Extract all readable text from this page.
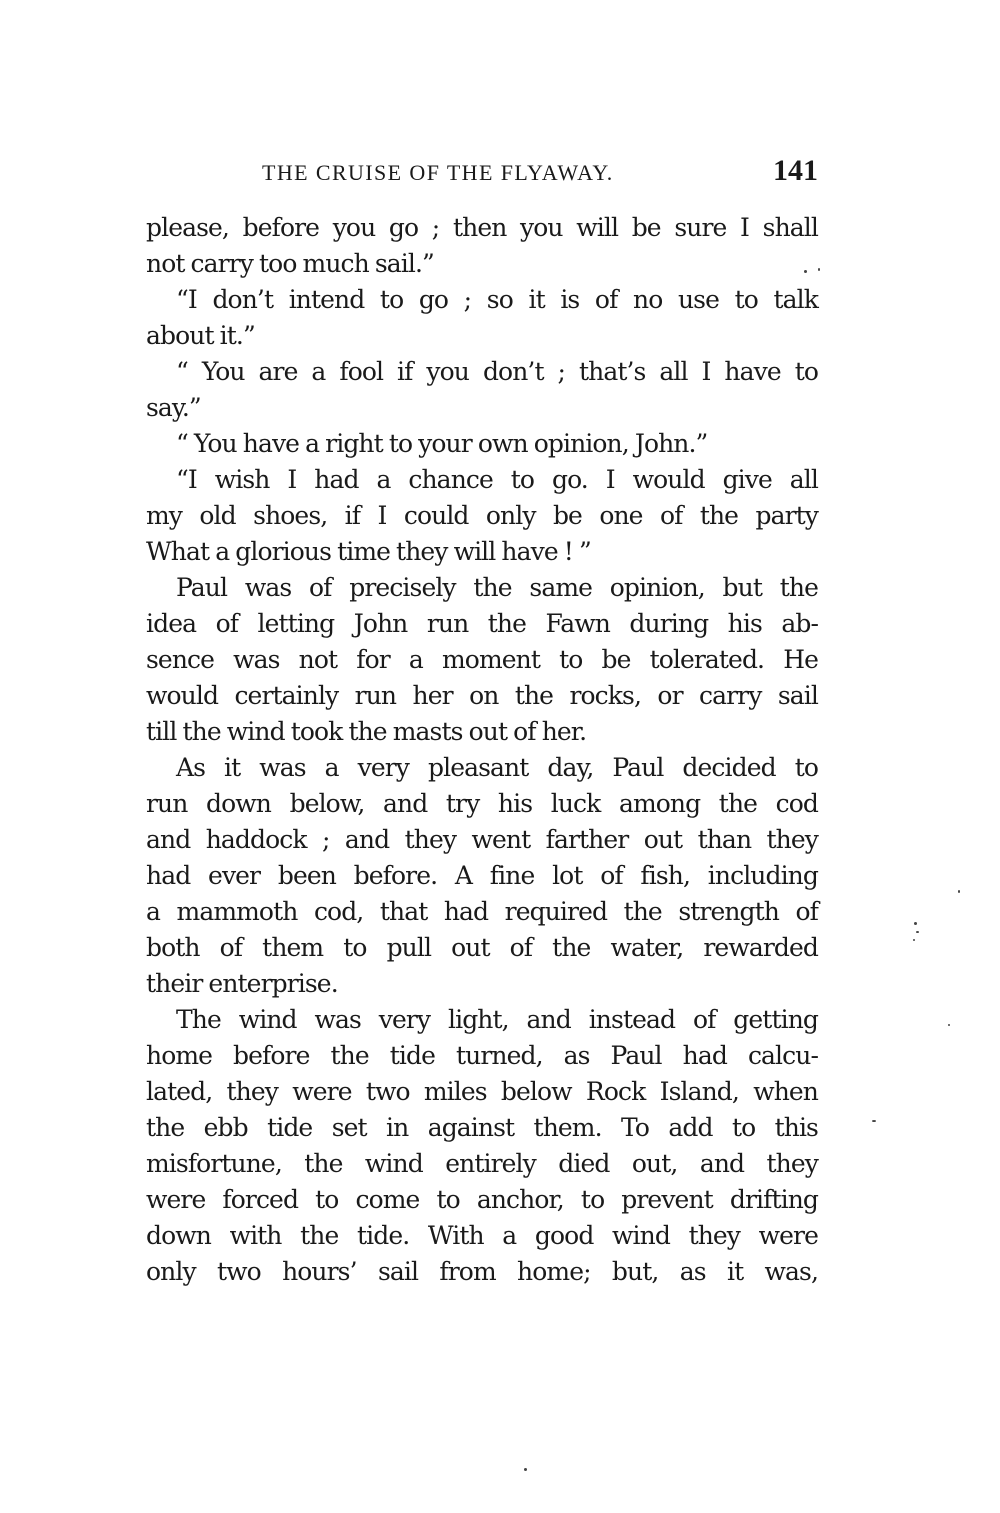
THE CRUISE OF THE FLYAWAY.	141
please, before you go ; then you will be sure I shall
not carry too much sail.”
“I don’t intend to go ; so it is of no use to talk
about it.”
“ You are a fool if you don’t ; that’s all I have to
say.”
“ You have a right to your own opinion, John.”
“I wish I had a chance to go. I would give all
my old shoes, if I could only be one of the party
What a glorious time they will have ! ”
Paul was of precisely the same opinion, but the
idea of letting John run the Fawn during his ab-
sence was not for a moment to be tolerated. He
would certainly run her on the rocks, or carry sail
till the wind took the masts out of her.
As it was a very pleasant day, Paul decided to
run down below, and try his luck among the cod
and haddock ; and they went farther out than they
had ever been before. A fine lot of fish, including
a mammoth cod, that had required the strength of
both of them to pull out of the water, rewarded
their enterprise.
The wind was very light, and instead of getting
home before the tide turned, as Paul had calcu-
lated, they were two miles below Rock Island, when
the ebb tide set in against them. To add to this
misfortune, the wind entirely died out, and they
were forced to come to anchor, to prevent drifting
down with the tide. With a good wind they were
only two hours’ sail from home; but, as it was,
